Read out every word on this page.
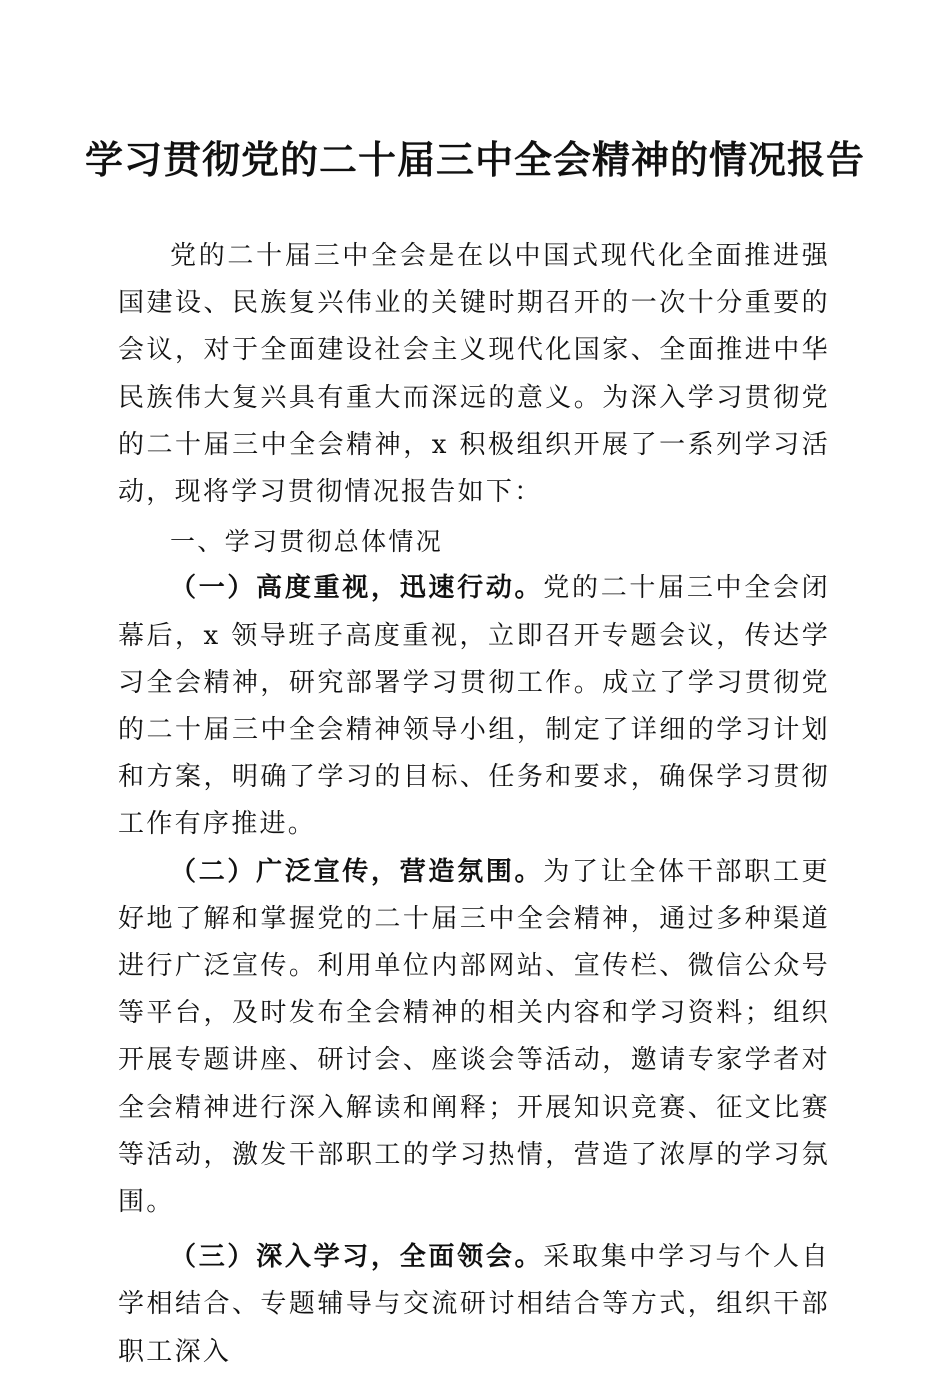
学习贯彻党的二十届三中全会精神的情况报告

党的二十届三中全会是在以中国式现代化全面推进强国建设、民族复兴伟业的关键时期召开的一次十分重要的会议，对于全面建设社会主义现代化国家、全面推进中华民族伟大复兴具有重大而深远的意义。为深入学习贯彻党的二十届三中全会精神，x 积极组织开展了一系列学习活动，现将学习贯彻情况报告如下：

一、学习贯彻总体情况

（一）高度重视，迅速行动。党的二十届三中全会闭幕后，x 领导班子高度重视，立即召开专题会议，传达学习全会精神，研究部署学习贯彻工作。成立了学习贯彻党的二十届三中全会精神领导小组，制定了详细的学习计划和方案，明确了学习的目标、任务和要求，确保学习贯彻工作有序推进。

（二）广泛宣传，营造氛围。为了让全体干部职工更好地了解和掌握党的二十届三中全会精神，通过多种渠道进行广泛宣传。利用单位内部网站、宣传栏、微信公众号等平台，及时发布全会精神的相关内容和学习资料；组织开展专题讲座、研讨会、座谈会等活动，邀请专家学者对全会精神进行深入解读和阐释；开展知识竞赛、征文比赛等活动，激发干部职工的学习热情，营造了浓厚的学习氛围。

（三）深入学习，全面领会。采取集中学习与个人自学相结合、专题辅导与交流研讨相结合等方式，组织干部职工深入
